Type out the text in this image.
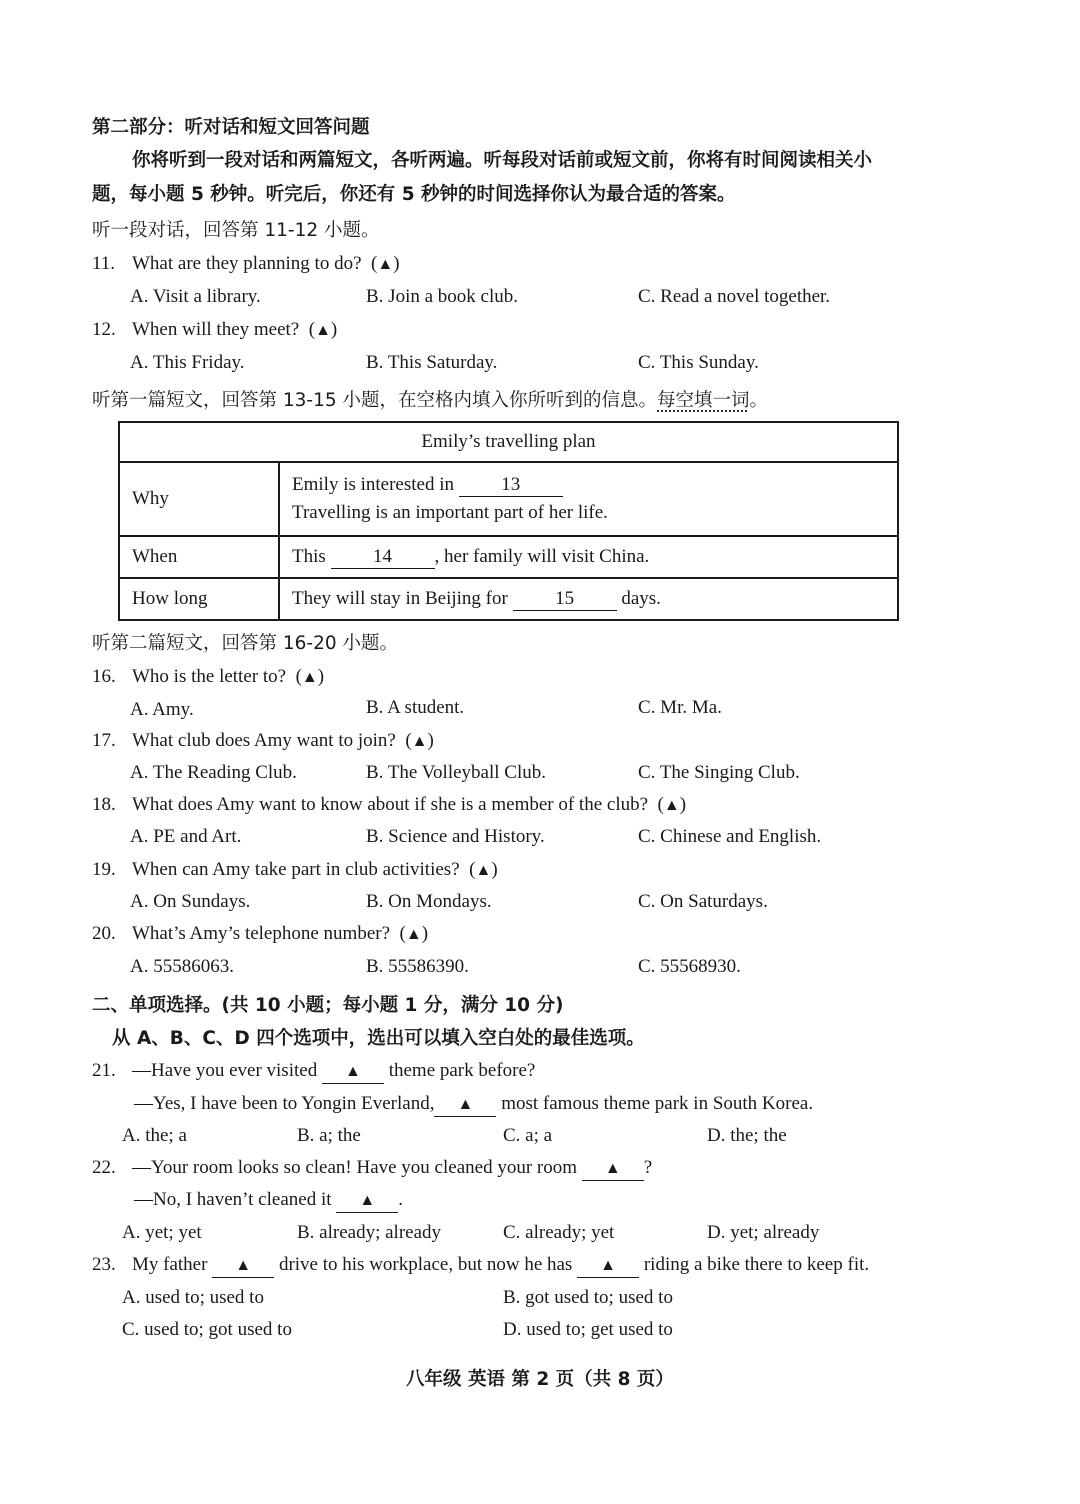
第二部分：听对话和短文回答问题
你将听到一段对话和两篇短文，各听两遍。听每段对话前或短文前，你将有时间阅读相关小
题，每小题 5 秒钟。听完后，你还有 5 秒钟的时间选择你认为最合适的答案。
听一段对话，回答第 11-12 小题。
11. What are they planning to do?  (▲)
A. Visit a library.	B. Join a book club.	C. Read a novel together.
12. When will they meet?  (▲)
A. This Friday.	B. This Saturday.	C. This Sunday.
听第一篇短文，回答第 13-15 小题，在空格内填入你所听到的信息。每空填一词。
Emily’s travelling plan	
Why	Emily is interested in 13
Travelling is an important part of her life.
When	This 14 , her family will visit China.
How long	They will stay in Beijing for 15 days.
听第二篇短文，回答第 16-20 小题。
16. Who is the letter to?  (▲)
A. Amy.	B. A student.	C. Mr. Ma.
17. What club does Amy want to join?  (▲)
A. The Reading Club.	B. The Volleyball Club.	C. The Singing Club.
18. What does Amy want to know about if she is a member of the club?  (▲)
A. PE and Art.	B. Science and History.	C. Chinese and English.
19. When can Amy take part in club activities?  (▲)
A. On Sundays.	B. On Mondays.	C. On Saturdays.
20. What’s Amy’s telephone number?  (▲)
A. 55586063.	B. 55586390.	C. 55568930.
二、单项选择。(共 10 小题；每小题 1 分，满分 10 分)
从 A、B、C、D 四个选项中，选出可以填入空白处的最佳选项。
21. —Have you ever visited ▲ theme park before?
—Yes, I have been to Yongin Everland, ▲ most famous theme park in South Korea.
A. the; a	B. a; the	C. a; a	D. the; the
22. —Your room looks so clean! Have you cleaned your room ▲ ?
—No, I haven’t cleaned it ▲ .
A. yet; yet	B. already; already	C. already; yet	D. yet; already
23. My father ▲ drive to his workplace, but now he has ▲ riding a bike there to keep fit.
A. used to; used to	B. got used to; used to
C. used to; got used to	D. used to; get used to
八年级 英语 第 2 页（共 8 页）
